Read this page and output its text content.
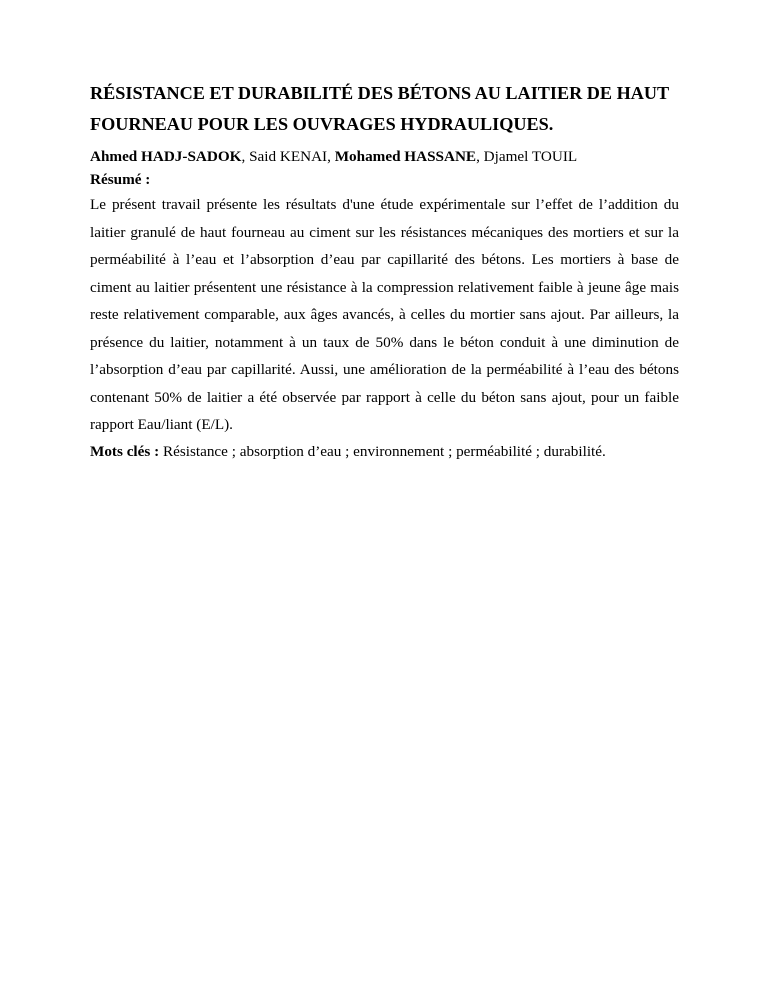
RÉSISTANCE ET DURABILITÉ DES BÉTONS AU LAITIER DE HAUT FOURNEAU POUR LES OUVRAGES HYDRAULIQUES.

Ahmed HADJ-SADOK, Said KENAI, Mohamed HASSANE, Djamel TOUIL

Résumé :

Le présent travail présente les résultats d'une étude expérimentale sur l’effet de l’addition du laitier granulé de haut fourneau au ciment sur les résistances mécaniques des mortiers et sur la perméabilité à l’eau et l’absorption d’eau par capillarité des bétons. Les mortiers à base de ciment au laitier présentent une résistance à la compression relativement faible à jeune âge mais reste relativement comparable, aux âges avancés, à celles du mortier sans ajout. Par ailleurs, la présence du laitier, notamment à un taux de 50% dans le béton conduit à une diminution de l’absorption d’eau par capillarité. Aussi, une amélioration de la perméabilité à l’eau des bétons contenant 50% de laitier a été observée par rapport à celle du béton sans ajout, pour un faible rapport Eau/liant (E/L).

Mots clés : Résistance ; absorption d’eau ; environnement ; perméabilité ; durabilité.
